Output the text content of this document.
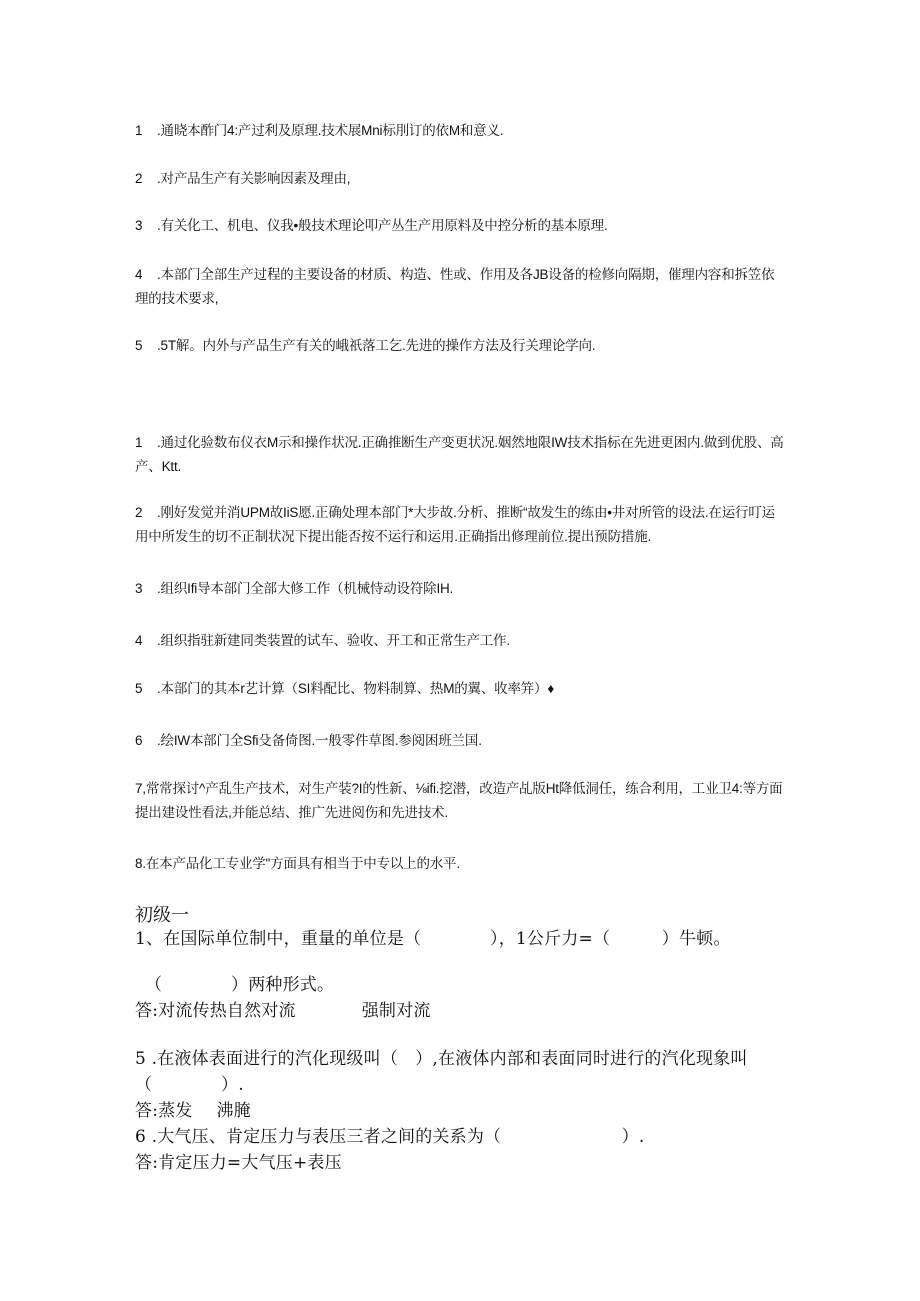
1 .通晓本酢门4:产过利及原理.技术展Mni标刖订的依M和意义.

2 .对产品生产有关影响因素及理由,

3 .有关化工、机电、仪我•般技术理论叩产丛生产用原料及中控分析的基本原理.

4 .本部门全部生产过程的主要设备的材质、构造、性或、作用及各JB设备的检修向隔期，催理内容和拆笠依理的技术要求,

5 .5T解。内外与产品生产有关的峨祇落工乞.先进的操作方法及行关理论学向.

1 .通过化验数布仪衣M示和操作状况.正确推断生产变更状况.姻然地限IW技术指标在先进更困内.做到优股、高产、Ktt.

2 .刚好发觉并消UPM故IiS愿.正确处理本部门*大步故.分析、推断“故发生的练由•井对所管的设法.在运行叮运用中所发生的切不正制状况下提出能否按不运行和运用.正确指出修理前位.提出预防措施.

3 .组织Ifi导本部门全部大修工作（机械恃动设符除IH.

4 .组织指驻新建同类装置的试车、验收、开工和正常生产工作.

5 .本部门的其本r艺计算（SI料配比、物料制算、热M的翼、收率笄）♦

6 .绘IW本部门全Sfi殳备倚图.一般零件草图.参阅困班兰国.

7,常常探讨^产乱生产技术，对生产装?I的性新、⅛ifi.挖潜，改造产乩版Ht降低洞任，练合利用，工业卫4:等方面提出建设性看法,并能总结、推广先进阅伤和先进技术.

8.在本产品化工专业学"方面具有相当于中专以上的水平.

初级一

1、在国际单位制中，重量的单位是（　　　　），1公斤力=（　　　）牛顿。

（　　　　）两种形式。

答:对流传热自然对流	强制对流

5 .在液体表面进行的汽化现级叫（　）,在液体内部和表面同时进行的汽化现象叫（　　　　）.

答:蒸发 沸腌

6 .大气压、肯定压力与表压三者之间的关系为（　　　　　　　）.

答:肯定压力=大气压+表压
